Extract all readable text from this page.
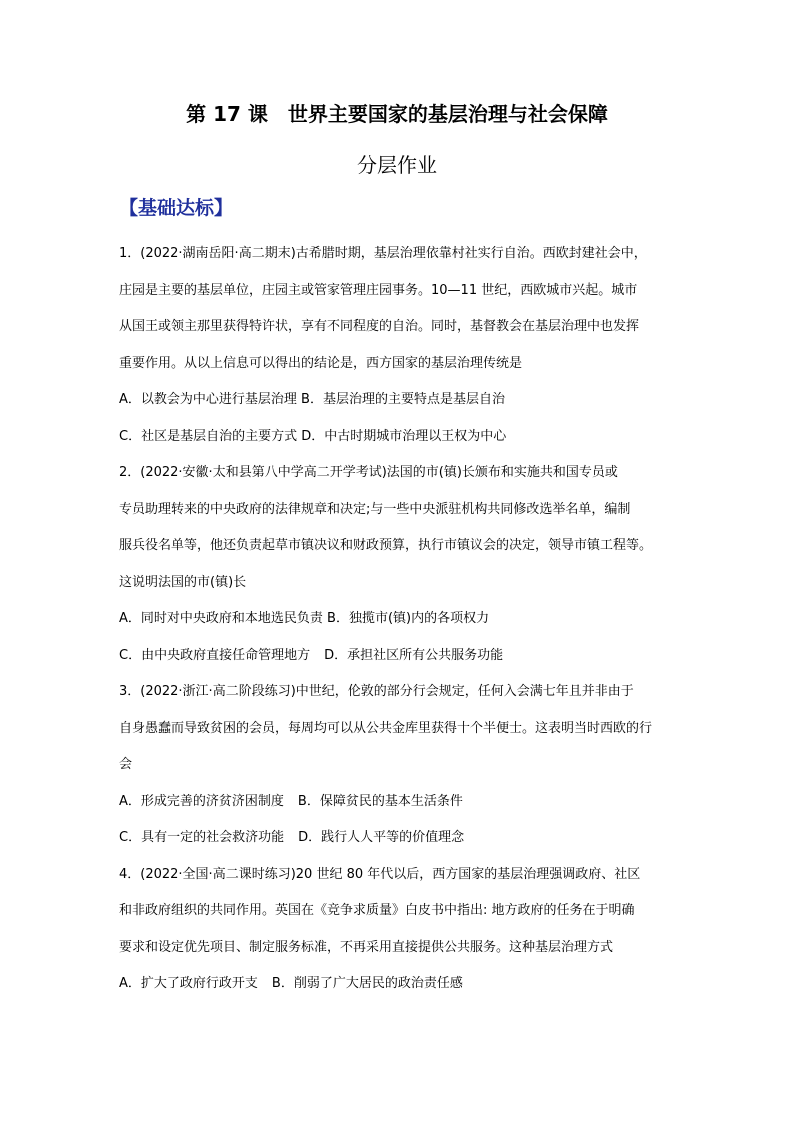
第 17 课　世界主要国家的基层治理与社会保障
分层作业
【基础达标】
1．(2022·湖南岳阳·高二期末)古希腊时期，基层治理依靠村社实行自治。西欧封建社会中，
庄园是主要的基层单位，庄园主或管家管理庄园事务。10—11 世纪，西欧城市兴起。城市
从国王或领主那里获得特许状，享有不同程度的自治。同时，基督教会在基层治理中也发挥
重要作用。从以上信息可以得出的结论是，西方国家的基层治理传统是
A．以教会为中心进行基层治理 B．基层治理的主要特点是基层自治
C．社区是基层自治的主要方式 D．中古时期城市治理以王权为中心
2．(2022·安徽·太和县第八中学高二开学考试)法国的市(镇)长颁布和实施共和国专员或
专员助理转来的中央政府的法律规章和决定;与一些中央派驻机构共同修改选举名单，编制
服兵役名单等，他还负责起草市镇决议和财政预算，执行市镇议会的决定，领导市镇工程等。
这说明法国的市(镇)长
A．同时对中央政府和本地选民负责 B．独揽市(镇)内的各项权力
C．由中央政府直接任命管理地方 D．承担社区所有公共服务功能
3．(2022·浙江·高二阶段练习)中世纪，伦敦的部分行会规定，任何入会满七年且并非由于
自身愚蠢而导致贫困的会员，每周均可以从公共金库里获得十个半便士。这表明当时西欧的行
会
A．形成完善的济贫济困制度 B．保障贫民的基本生活条件
C．具有一定的社会救济功能 D．践行人人平等的价值理念
4．(2022·全国·高二课时练习)20 世纪 80 年代以后，西方国家的基层治理强调政府、社区
和非政府组织的共同作用。英国在《竞争求质量》白皮书中指出: 地方政府的任务在于明确
要求和设定优先项目、制定服务标准，不再采用直接提供公共服务。这种基层治理方式
A．扩大了政府行政开支 B．削弱了广大居民的政治责任感
